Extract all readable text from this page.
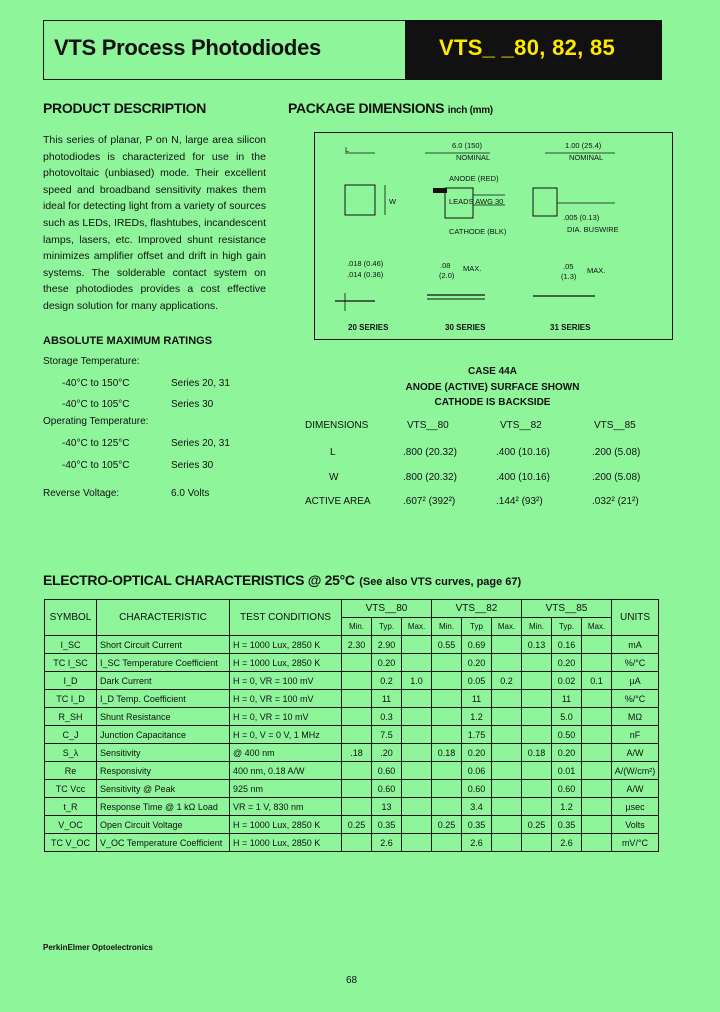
VTS Process Photodiodes	VTS_ _80, 82, 85
PRODUCT DESCRIPTION
This series of planar, P on N, large area silicon photodiodes is characterized for use in the photovoltaic (unbiased) mode. Their excellent speed and broadband sensitivity makes them ideal for detecting light from a variety of sources such as LEDs, IREDs, flashtubes, incandescent lamps, lasers, etc. Improved shunt resistance minimizes amplifier offset and drift in high gain systems. The solderable contact system on these photodiodes provides a cost effective design solution for many applications.
ABSOLUTE MAXIMUM RATINGS
Storage Temperature:
-40°C to 150°C	Series 20, 31
-40°C to 105°C	Series 30
Operating Temperature:
-40°C to 125°C	Series 20, 31
-40°C to 105°C	Series 30
Reverse Voltage:	6.0 Volts
PACKAGE DIMENSIONS inch (mm)
L
W
6.0 (150)
NOMINAL
ANODE (RED)
LEADS AWG 30
CATHODE (BLK)
1.00 (25.4)
NOMINAL
.005 (0.13)
DIA. BUSWIRE
.018 (0.46)
.014 (0.36)
.08
(2.0)
MAX.	.05
(1.3)
MAX.
20 SERIES	30 SERIES	31 SERIES
CASE 44A
ANODE (ACTIVE) SURFACE SHOWN
CATHODE IS BACKSIDE
DIMENSIONS	VTS__80	VTS__82	VTS__85
L	.800 (20.32)	.400 (10.16)	.200 (5.08)
W	.800 (20.32)	.400 (10.16)	.200 (5.08)
ACTIVE AREA	.607² (392²)	.144² (93²)	.032² (21²)
ELECTRO-OPTICAL CHARACTERISTICS @ 25°C (See also VTS curves, page 67)
SYMBOL	CHARACTERISTIC	TEST CONDITIONS	VTS__80			VTS__82			VTS__85			UNITS
			Min.	Typ.	Max.	Min.	Typ	Max.	Min.	Typ.	Max.	
I_SC	Short Circuit Current	H = 1000 Lux, 2850 K	2.30	2.90		0.55	0.69		0.13	0.16		mA
TC I_SC	I_SC Temperature Coefficient	H = 1000 Lux, 2850 K		0.20			0.20			0.20		%/°C
I_D	Dark Current	H = 0, VR = 100 mV		0.2	1.0		0.05	0.2		0.02	0.1	µA
TC I_D	I_D Temp. Coefficient	H = 0, VR = 100 mV		11			11			11		%/°C
R_SH	Shunt Resistance	H = 0, VR = 10 mV		0.3			1.2			5.0		MΩ
C_J	Junction Capacitance	H = 0, V = 0 V, 1 MHz		7.5			1.75			0.50		nF
S_λ	Sensitivity	@ 400 nm	.18	.20		0.18	0.20		0.18	0.20		A/W
Re	Responsivity	400 nm, 0.18 A/W		0.60			0.06			0.01		A/(W/cm²)
TC Vcc	Sensitivity @ Peak	925 nm		0.60			0.60			0.60		A/W
t_R	Response Time @ 1 kΩ Load	VR = 1 V, 830 nm		13			3.4			1.2		µsec
V_OC	Open Circuit Voltage	H = 1000 Lux, 2850 K	0.25	0.35		0.25	0.35		0.25	0.35		Volts
TC V_OC	V_OC Temperature Coefficient	H = 1000 Lux, 2850 K		2.6			2.6			2.6		mV/°C
PerkinElmer Optoelectronics
68
